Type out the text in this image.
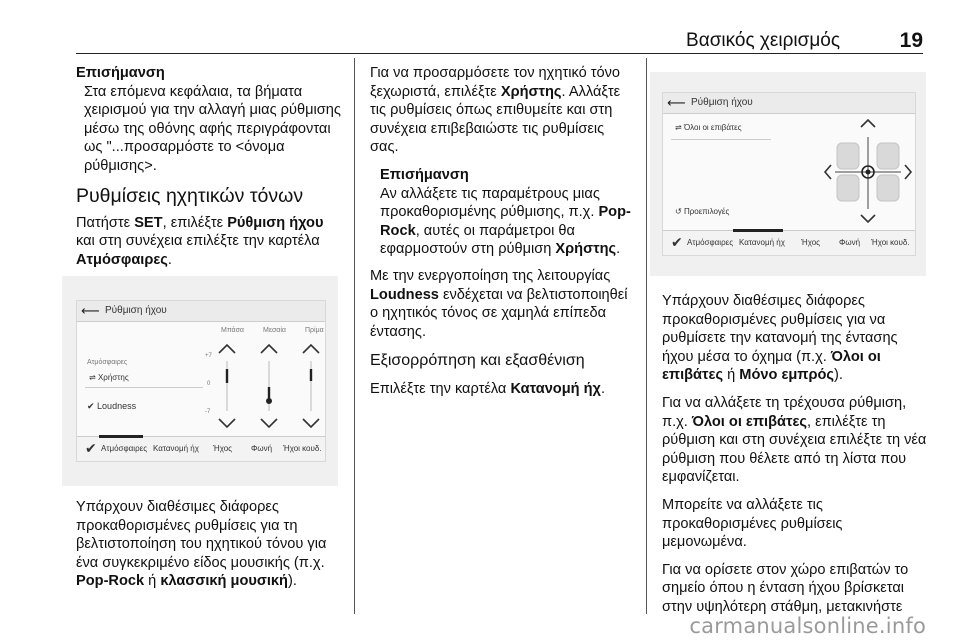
Βασικός χειρισμός	19
Επισήμανση
Στα επόμενα κεφάλαια, τα βήματα χειρισμού για την αλλαγή μιας ρύθμισης μέσω της οθόνης αφής περιγράφονται ως "...προσαρμόστε το <όνομα ρύθμισης>.
Ρυθμίσεις ηχητικών τόνων

Πατήστε SET, επιλέξτε Ρύθμιση ήχου και στη συνέχεια επιλέξτε την καρτέλα Ατμόσφαιρες.

⟵ Ρύθμιση ήχου
Μπάσα	Μεσαία	Πρίμα
+7
0
-7
Ατμόσφαιρες
⇌ Χρήστης
✔ Loudness
✔ Ατμόσφαιρες Κατανομή ήχ Ήχος Φωνή Ήχοι κουδ.

Υπάρχουν διαθέσιμες διάφορες προκαθορισμένες ρυθμίσεις για τη βελτιστοποίηση του ηχητικού τόνου για ένα συγκεκριμένο είδος μουσικής (π.χ. Pop-Rock ή κλασσική μουσική).

Για να προσαρμόσετε τον ηχητικό τόνο ξεχωριστά, επιλέξτε Χρήστης. Αλλάξτε τις ρυθμίσεις όπως επιθυμείτε και στη συνέχεια επιβεβαιώστε τις ρυθμίσεις σας.

Επισήμανση
Αν αλλάξετε τις παραμέτρους μιας προκαθορισμένης ρύθμισης, π.χ. Pop-Rock, αυτές οι παράμετροι θα εφαρμοστούν στη ρύθμιση Χρήστης.

Με την ενεργοποίηση της λειτουργίας Loudness ενδέχεται να βελτιστοποιηθεί ο ηχητικός τόνος σε χαμηλά επίπεδα έντασης.

Εξισορρόπηση και εξασθένιση

Επιλέξτε την καρτέλα Κατανομή ήχ.

⟵ Ρύθμιση ήχου
⇌ Όλοι οι επιβάτες
↺ Προεπιλογές
✔ Ατμόσφαιρες Κατανομή ήχ Ήχος Φωνή Ήχοι κουδ.

Υπάρχουν διαθέσιμες διάφορες προκαθορισμένες ρυθμίσεις για να ρυθμίσετε την κατανομή της έντασης ήχου μέσα το όχημα (π.χ. Όλοι οι επιβάτες ή Μόνο εμπρός).

Για να αλλάξετε τη τρέχουσα ρύθμιση, π.χ. Όλοι οι επιβάτες, επιλέξτε τη ρύθμιση και στη συνέχεια επιλέξτε τη νέα ρύθμιση που θέλετε από τη λίστα που εμφανίζεται.

Μπορείτε να αλλάξετε τις προκαθορισμένες ρυθμίσεις μεμονωμένα.

Για να ορίσετε στον χώρο επιβατών το σημείο όπου η ένταση ήχου βρίσκεται στην υψηλότερη στάθμη, μετακινήστε

carmanualsonline.info
